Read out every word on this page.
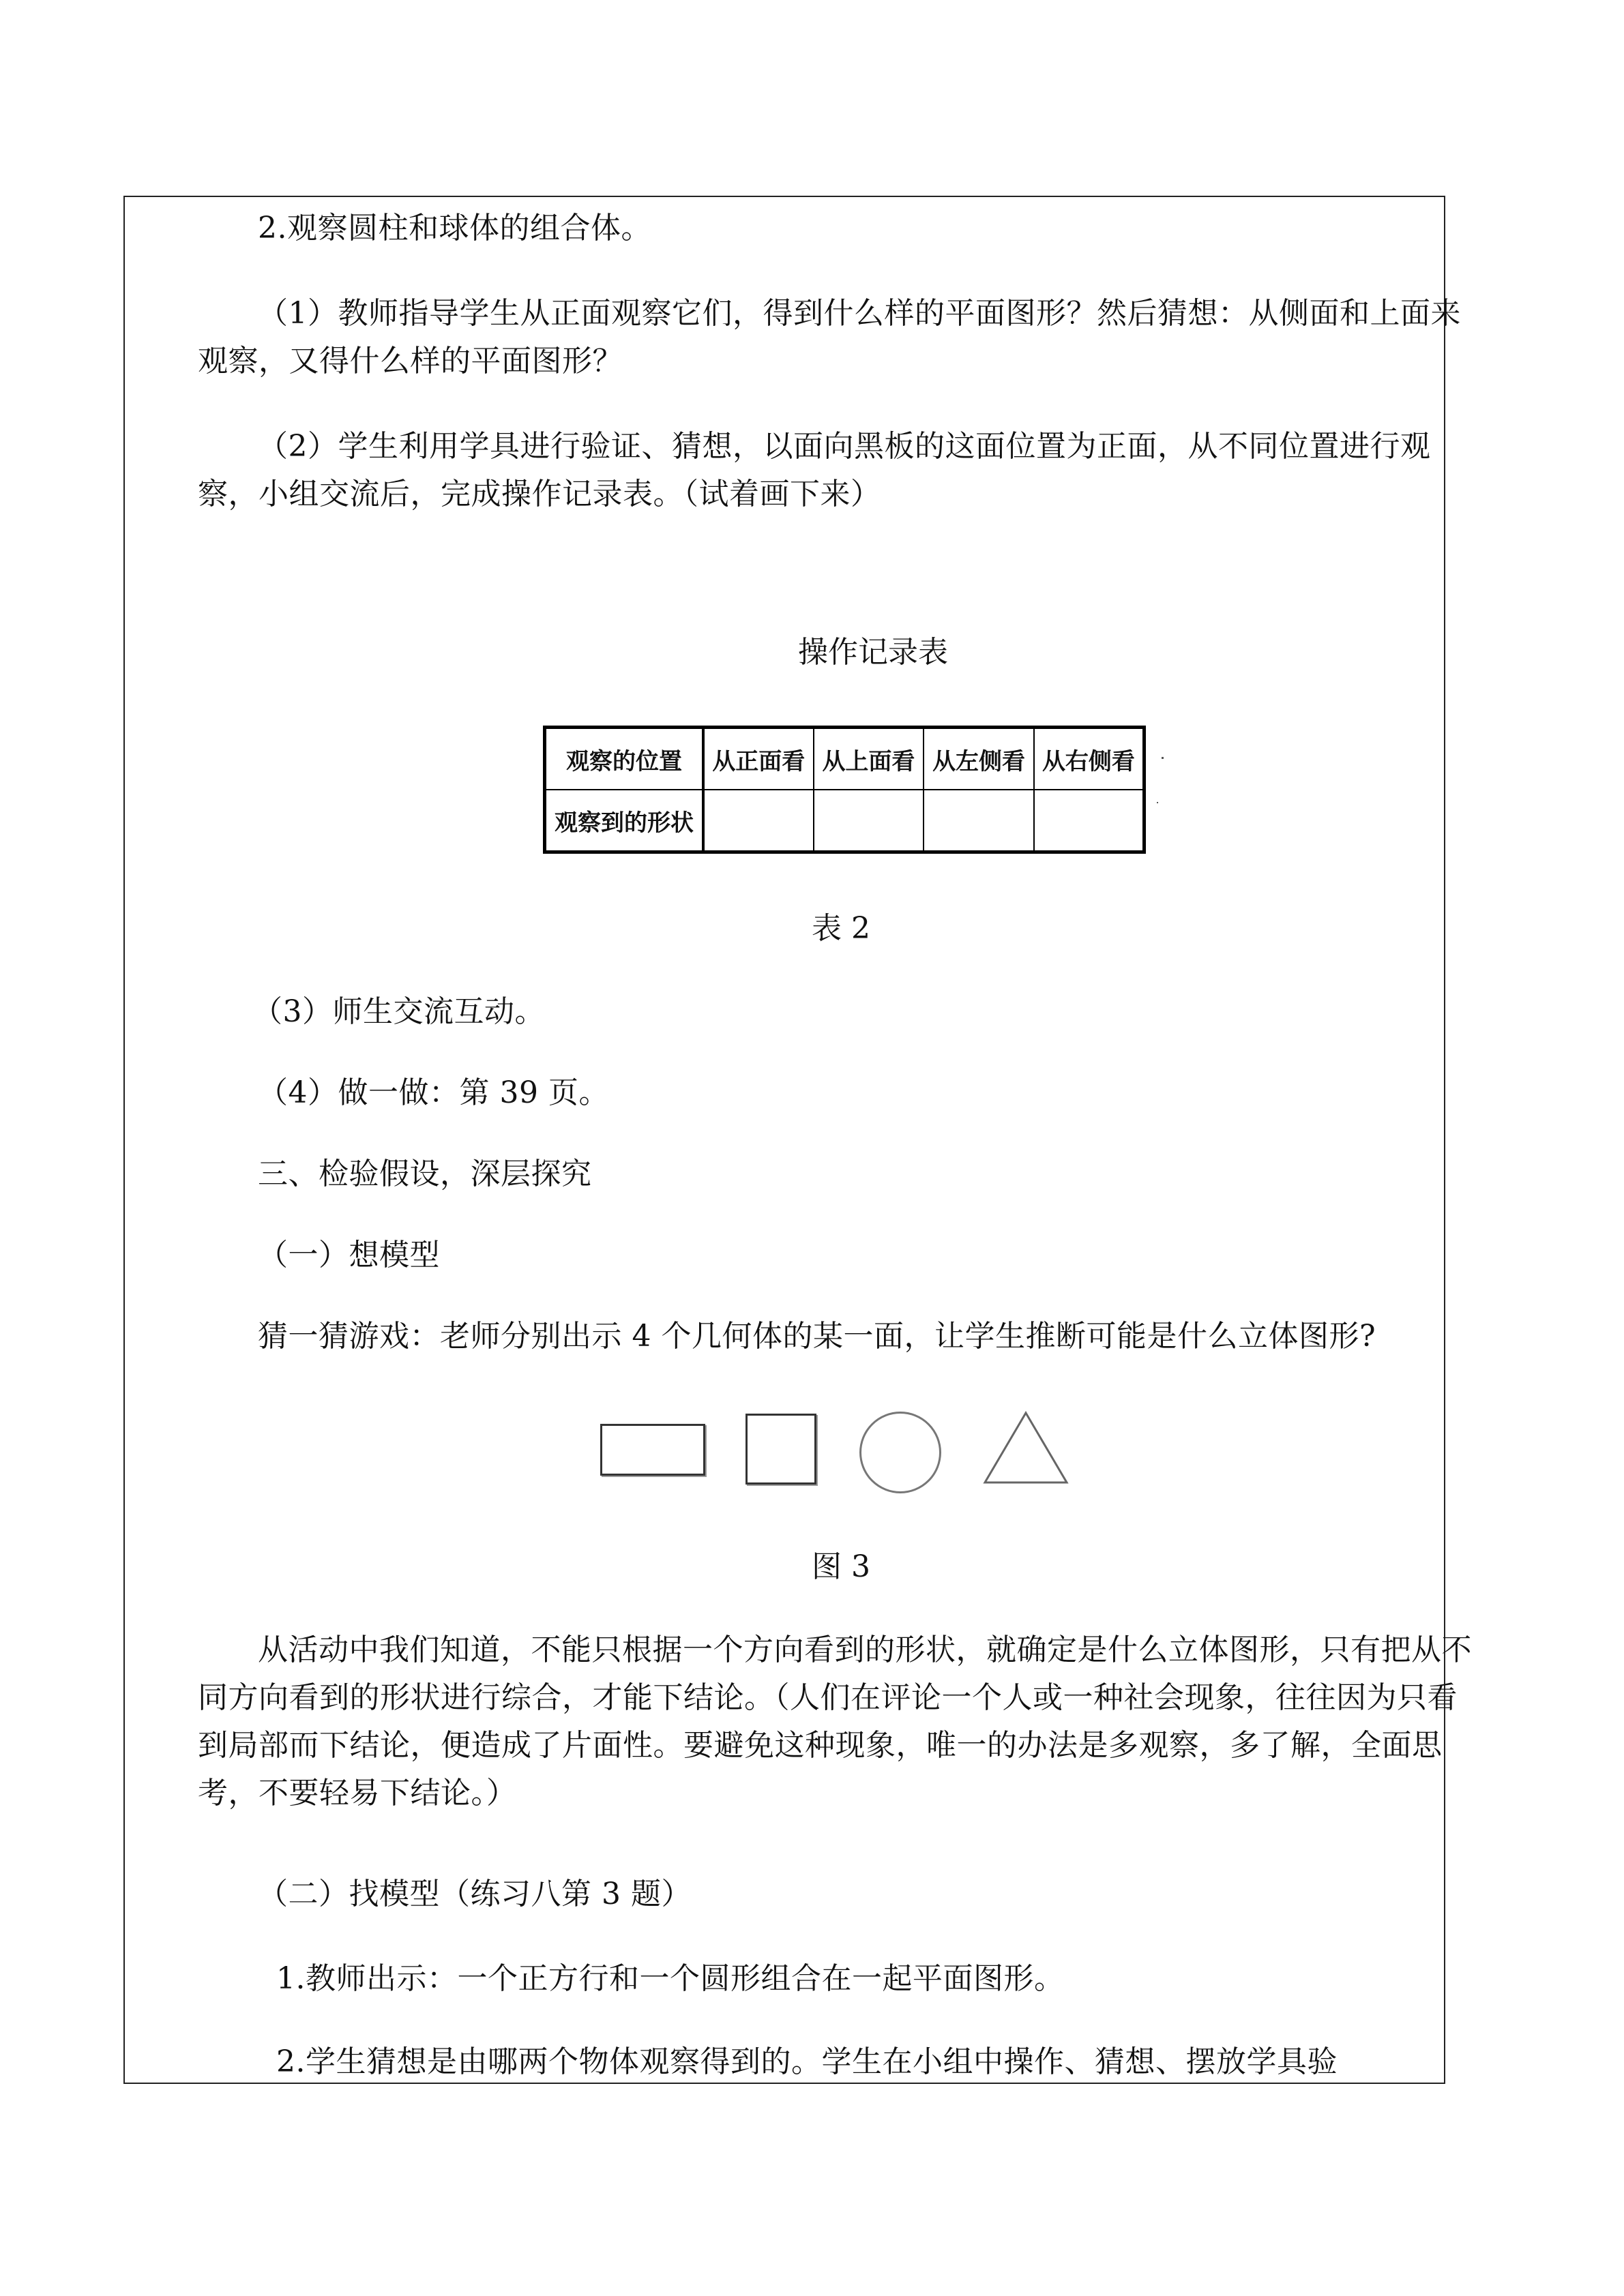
2.观察圆柱和球体的组合体。
（1）教师指导学生从正面观察它们，得到什么样的平面图形？然后猜想：从侧面和上面来观察，又得什么样的平面图形？
（2）学生利用学具进行验证、猜想，以面向黑板的这面位置为正面，从不同位置进行观察，小组交流后，完成操作记录表。（试着画下来）
操作记录表
观察的位置	从正面看	从上面看	从左侧看	从右侧看
观察到的形状				
表 2
（3）师生交流互动。
（4）做一做：第 39 页。
三、检验假设，深层探究
（一）想模型
猜一猜游戏：老师分别出示 4 个几何体的某一面，让学生推断可能是什么立体图形?
图 3
从活动中我们知道，不能只根据一个方向看到的形状，就确定是什么立体图形，只有把从不同方向看到的形状进行综合，才能下结论。（人们在评论一个人或一种社会现象，往往因为只看到局部而下结论，便造成了片面性。要避免这种现象，唯一的办法是多观察，多了解，全面思考，不要轻易下结论。）
（二）找模型（练习八第 3 题）
1.教师出示：一个正方行和一个圆形组合在一起平面图形。
2.学生猜想是由哪两个物体观察得到的。学生在小组中操作、猜想、摆放学具验
